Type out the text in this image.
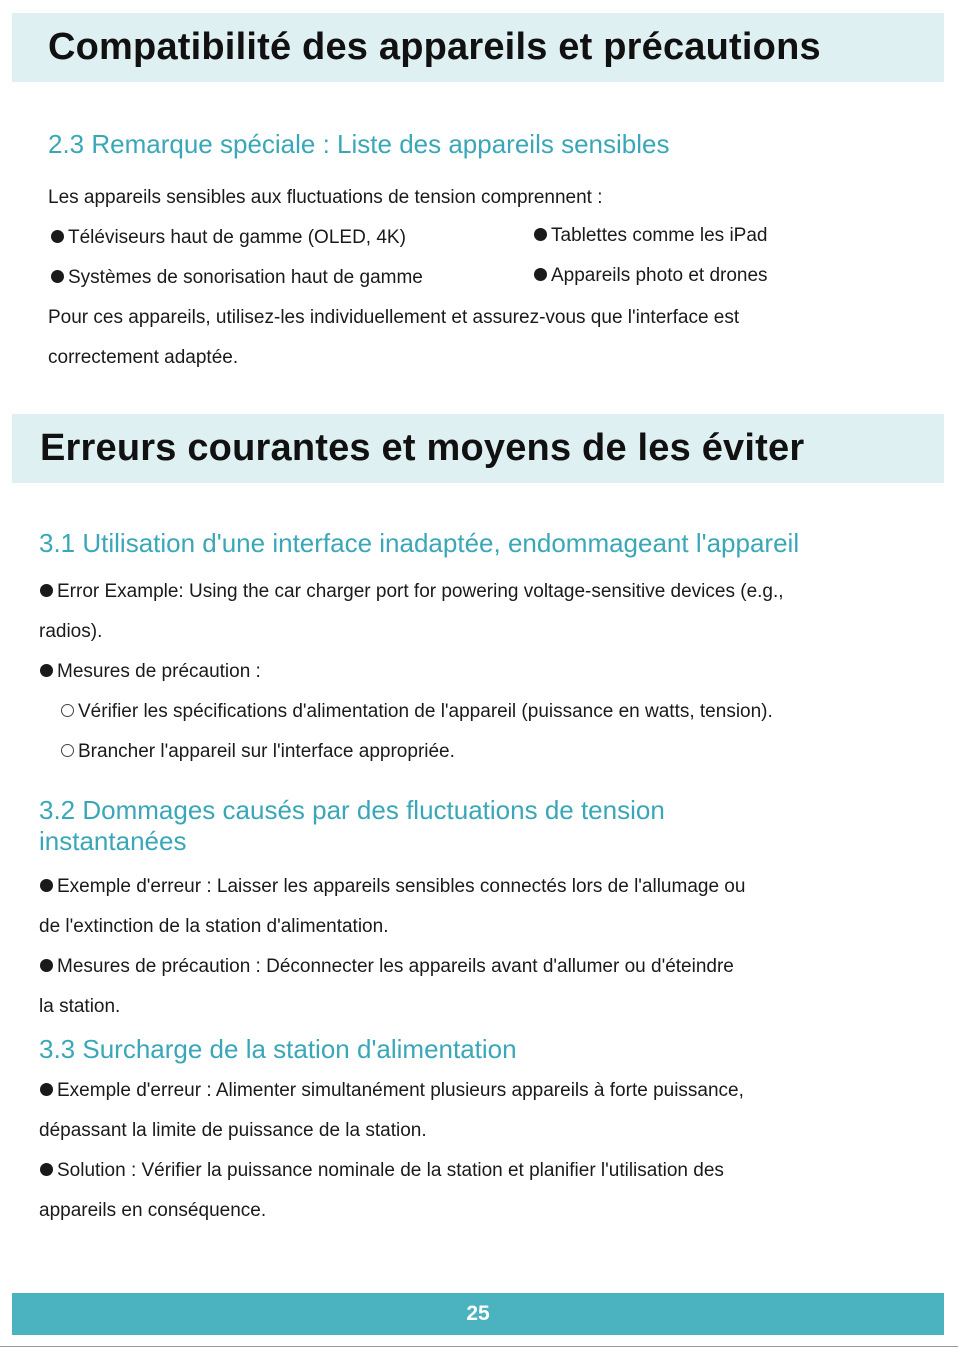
Compatibilité des appareils et précautions
2.3 Remarque spéciale : Liste des appareils sensibles

Les appareils sensibles aux fluctuations de tension comprennent :

Téléviseurs haut de gamme (OLED, 4K)	Tablettes comme les iPad

Systèmes de sonorisation haut de gamme	Appareils photo et drones

Pour ces appareils, utilisez-les individuellement et assurez-vous que l'interface est

correctement adaptée.

Erreurs courantes et moyens de les éviter
3.1 Utilisation d'une interface inadaptée, endommageant l'appareil

Error Example: Using the car charger port for powering voltage-sensitive devices (e.g.,

radios).

Mesures de précaution :

Vérifier les spécifications d'alimentation de l'appareil (puissance en watts, tension).

Brancher l'appareil sur l'interface appropriée.

3.2 Dommages causés par des fluctuations de tension
instantanées

Exemple d'erreur : Laisser les appareils sensibles connectés lors de l'allumage ou

de l'extinction de la station d'alimentation.

Mesures de précaution : Déconnecter les appareils avant d'allumer ou d'éteindre

la station.

3.3 Surcharge de la station d'alimentation

Exemple d'erreur : Alimenter simultanément plusieurs appareils à forte puissance,

dépassant la limite de puissance de la station.

Solution : Vérifier la puissance nominale de la station et planifier l'utilisation des

appareils en conséquence.

25
